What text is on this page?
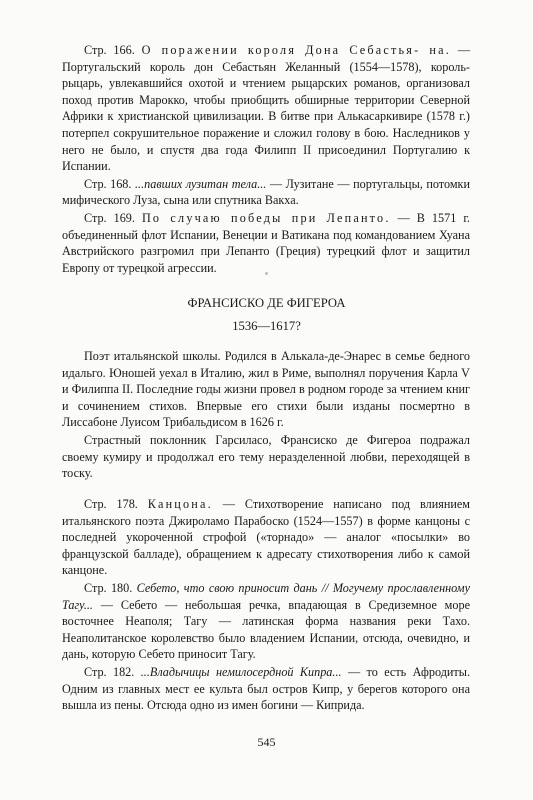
Стр. 166. О поражении короля Дона Себастья- на. — Португальский король дон Себастьян Желанный (1554—1578), король-рыцарь, увлекавшийся охотой и чтением рыцарских романов, организовал поход против Марокко, чтобы приобщить обширные территории Северной Африки к христианской цивилизации. В битве при Алькасаркивире (1578 г.) потерпел сокрушительное поражение и сложил голову в бою. Наследников у него не было, и спустя два года Филипп II присоединил Португалию к Испании.

Стр. 168. ...павших лузитан тела... — Лузитане — португальцы, потомки мифического Луза, сына или спутника Вакха.

Стр. 169. По случаю победы при Лепанто. — В 1571 г. объединенный флот Испании, Венеции и Ватикана под командованием Хуана Австрийского разгромил при Лепанто (Греция) турецкий флот и защитил Европу от турецкой агрессии.

ФРАНСИСКО ДЕ ФИГЕРОА

1536—1617?

Поэт итальянской школы. Родился в Алькала-де-Энарес в семье бедного идальго. Юношей уехал в Италию, жил в Риме, выполнял поручения Карла V и Филиппа II. Последние годы жизни провел в родном городе за чтением книг и сочинением стихов. Впервые его стихи были изданы посмертно в Лиссабоне Луисом Трибальдисом в 1626 г.

Страстный поклонник Гарсиласо, Франсиско де Фигероа подражал своему кумиру и продолжал его тему неразделенной любви, переходящей в тоску.

Стр. 178. Канцона. — Стихотворение написано под влиянием итальянского поэта Джироламо Парабоско (1524—1557) в форме канцоны с последней укороченной строфой («торнадо» — аналог «посылки» во французской балладе), обращением к адресату стихотворения либо к самой канцоне.

Стр. 180. Себето, что свою приносит дань // Могучему прославленному Тагу... — Себето — небольшая речка, впадающая в Средиземное море восточнее Неаполя; Тагу — латинская форма названия реки Тахо. Неаполитанское королевство было владением Испании, отсюда, очевидно, и дань, которую Себето приносит Тагу.

Стр. 182. ...Владычицы немилосердной Кипра... — то есть Афродиты. Одним из главных мест ее культа был остров Кипр, у берегов которого она вышла из пены. Отсюда одно из имен богини — Киприда.

545
